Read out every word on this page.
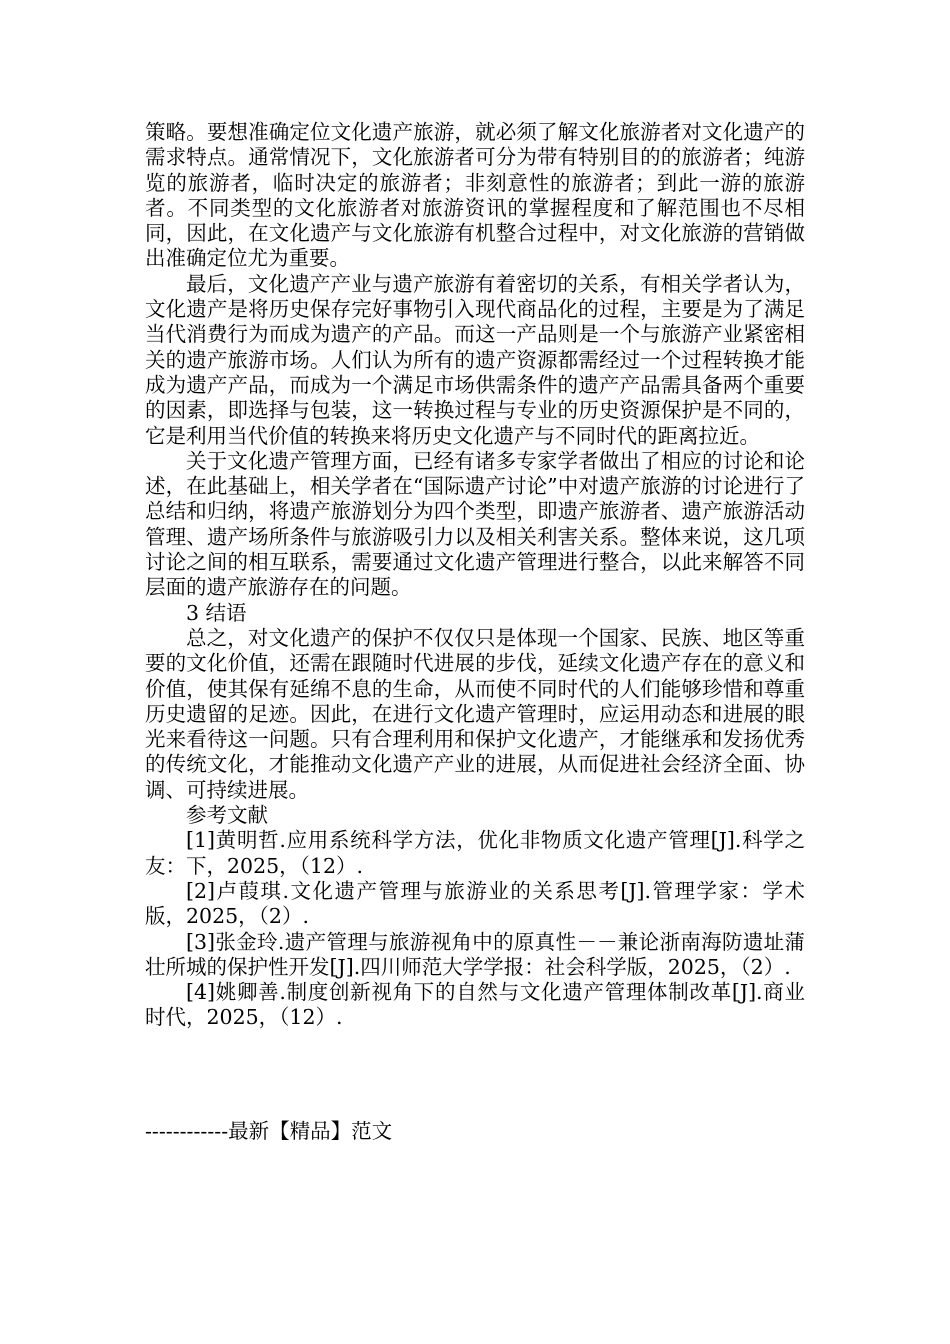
策略。要想准确定位文化遗产旅游，就必须了解文化旅游者对文化遗产的需求特点。通常情况下，文化旅游者可分为带有特别目的的旅游者；纯游览的旅游者，临时决定的旅游者；非刻意性的旅游者；到此一游的旅游者。不同类型的文化旅游者对旅游资讯的掌握程度和了解范围也不尽相同，因此，在文化遗产与文化旅游有机整合过程中，对文化旅游的营销做出准确定位尤为重要。

最后，文化遗产产业与遗产旅游有着密切的关系，有相关学者认为，文化遗产是将历史保存完好事物引入现代商品化的过程，主要是为了满足当代消费行为而成为遗产的产品。而这一产品则是一个与旅游产业紧密相关的遗产旅游市场。人们认为所有的遗产资源都需经过一个过程转换才能成为遗产产品，而成为一个满足市场供需条件的遗产产品需具备两个重要的因素，即选择与包装，这一转换过程与专业的历史资源保护是不同的，它是利用当代价值的转换来将历史文化遗产与不同时代的距离拉近。

关于文化遗产管理方面，已经有诸多专家学者做出了相应的讨论和论述，在此基础上，相关学者在“国际遗产讨论”中对遗产旅游的讨论进行了总结和归纳，将遗产旅游划分为四个类型，即遗产旅游者、遗产旅游活动管理、遗产场所条件与旅游吸引力以及相关利害关系。整体来说，这几项讨论之间的相互联系，需要通过文化遗产管理进行整合，以此来解答不同层面的遗产旅游存在的问题。

3 结语

总之，对文化遗产的保护不仅仅只是体现一个国家、民族、地区等重要的文化价值，还需在跟随时代进展的步伐，延续文化遗产存在的意义和价值，使其保有延绵不息的生命，从而使不同时代的人们能够珍惜和尊重历史遗留的足迹。因此，在进行文化遗产管理时，应运用动态和进展的眼光来看待这一问题。只有合理利用和保护文化遗产，才能继承和发扬优秀的传统文化，才能推动文化遗产产业的进展，从而促进社会经济全面、协调、可持续进展。

参考文献

[1]黄明哲.应用系统科学方法，优化非物质文化遗产管理[J].科学之友：下，2025，（12）.

[2]卢葭琪.文化遗产管理与旅游业的关系思考[J].管理学家：学术版，2025，（2）.

[3]张金玲.遗产管理与旅游视角中的原真性－－兼论浙南海防遗址蒲壮所城的保护性开发[J].四川师范大学学报：社会科学版，2025，（2）.

[4]姚卿善.制度创新视角下的自然与文化遗产管理体制改革[J].商业时代，2025，（12）.

------------最新【精品】范文
